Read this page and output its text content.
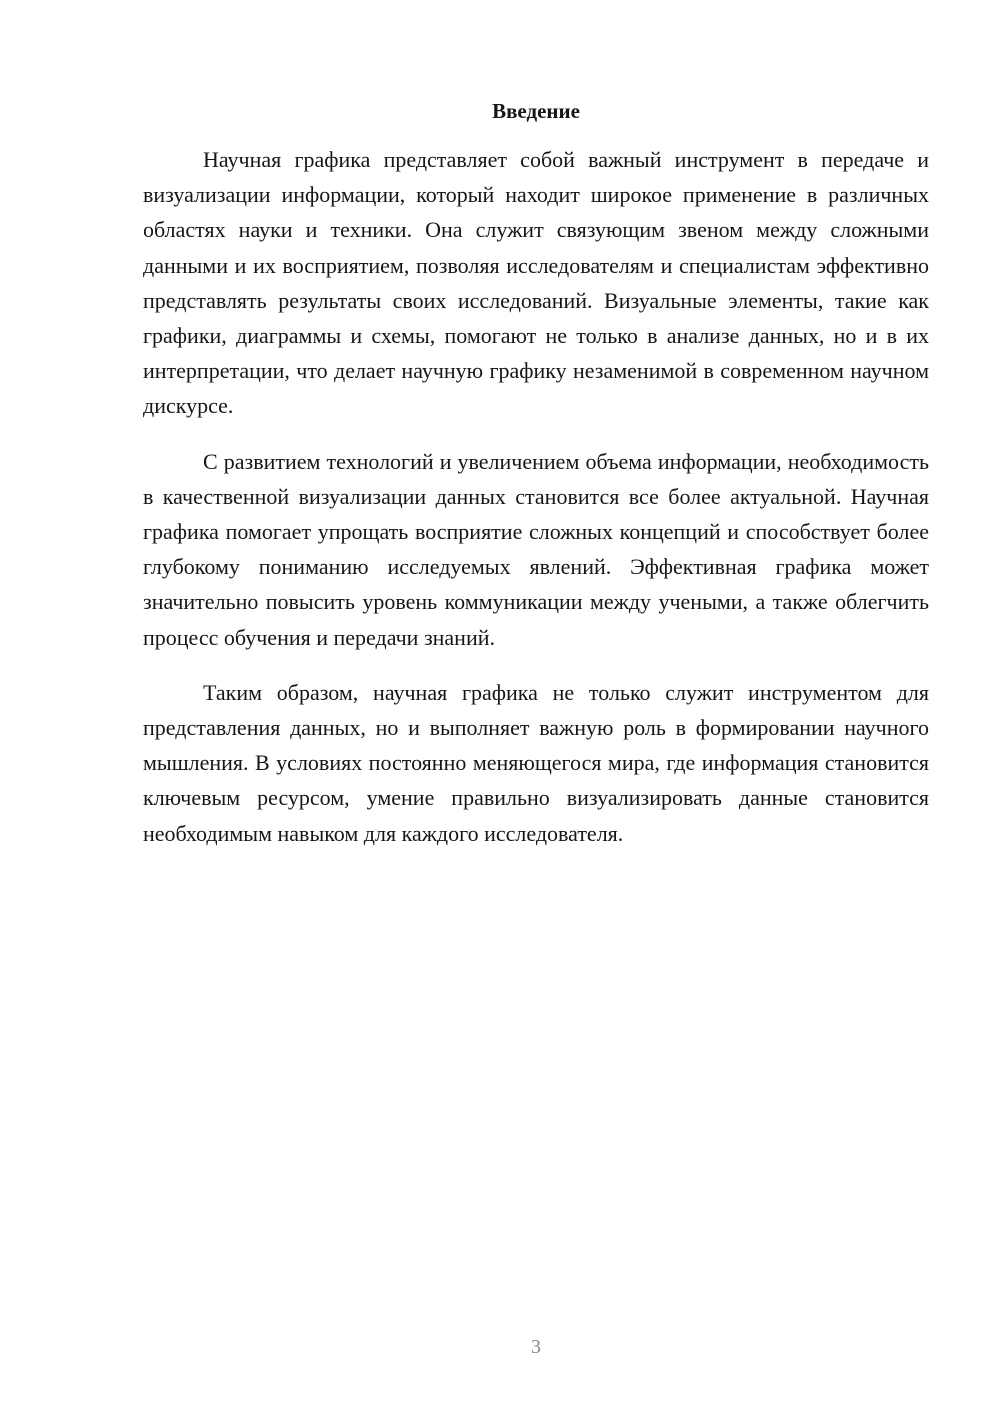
Введение

Научная графика представляет собой важный инструмент в передаче и визуализации информации, который находит широкое применение в различных областях науки и техники. Она служит связующим звеном между сложными данными и их восприятием, позволяя исследователям и специалистам эффективно представлять результаты своих исследований. Визуальные элементы, такие как графики, диаграммы и схемы, помогают не только в анализе данных, но и в их интерпретации, что делает научную графику незаменимой в современном научном дискурсе.

С развитием технологий и увеличением объема информации, необходимость в качественной визуализации данных становится все более актуальной. Научная графика помогает упрощать восприятие сложных концепций и способствует более глубокому пониманию исследуемых явлений. Эффективная графика может значительно повысить уровень коммуникации между учеными, а также облегчить процесс обучения и передачи знаний.

Таким образом, научная графика не только служит инструментом для представления данных, но и выполняет важную роль в формировании научного мышления. В условиях постоянно меняющегося мира, где информация становится ключевым ресурсом, умение правильно визуализировать данные становится необходимым навыком для каждого исследователя.

3
